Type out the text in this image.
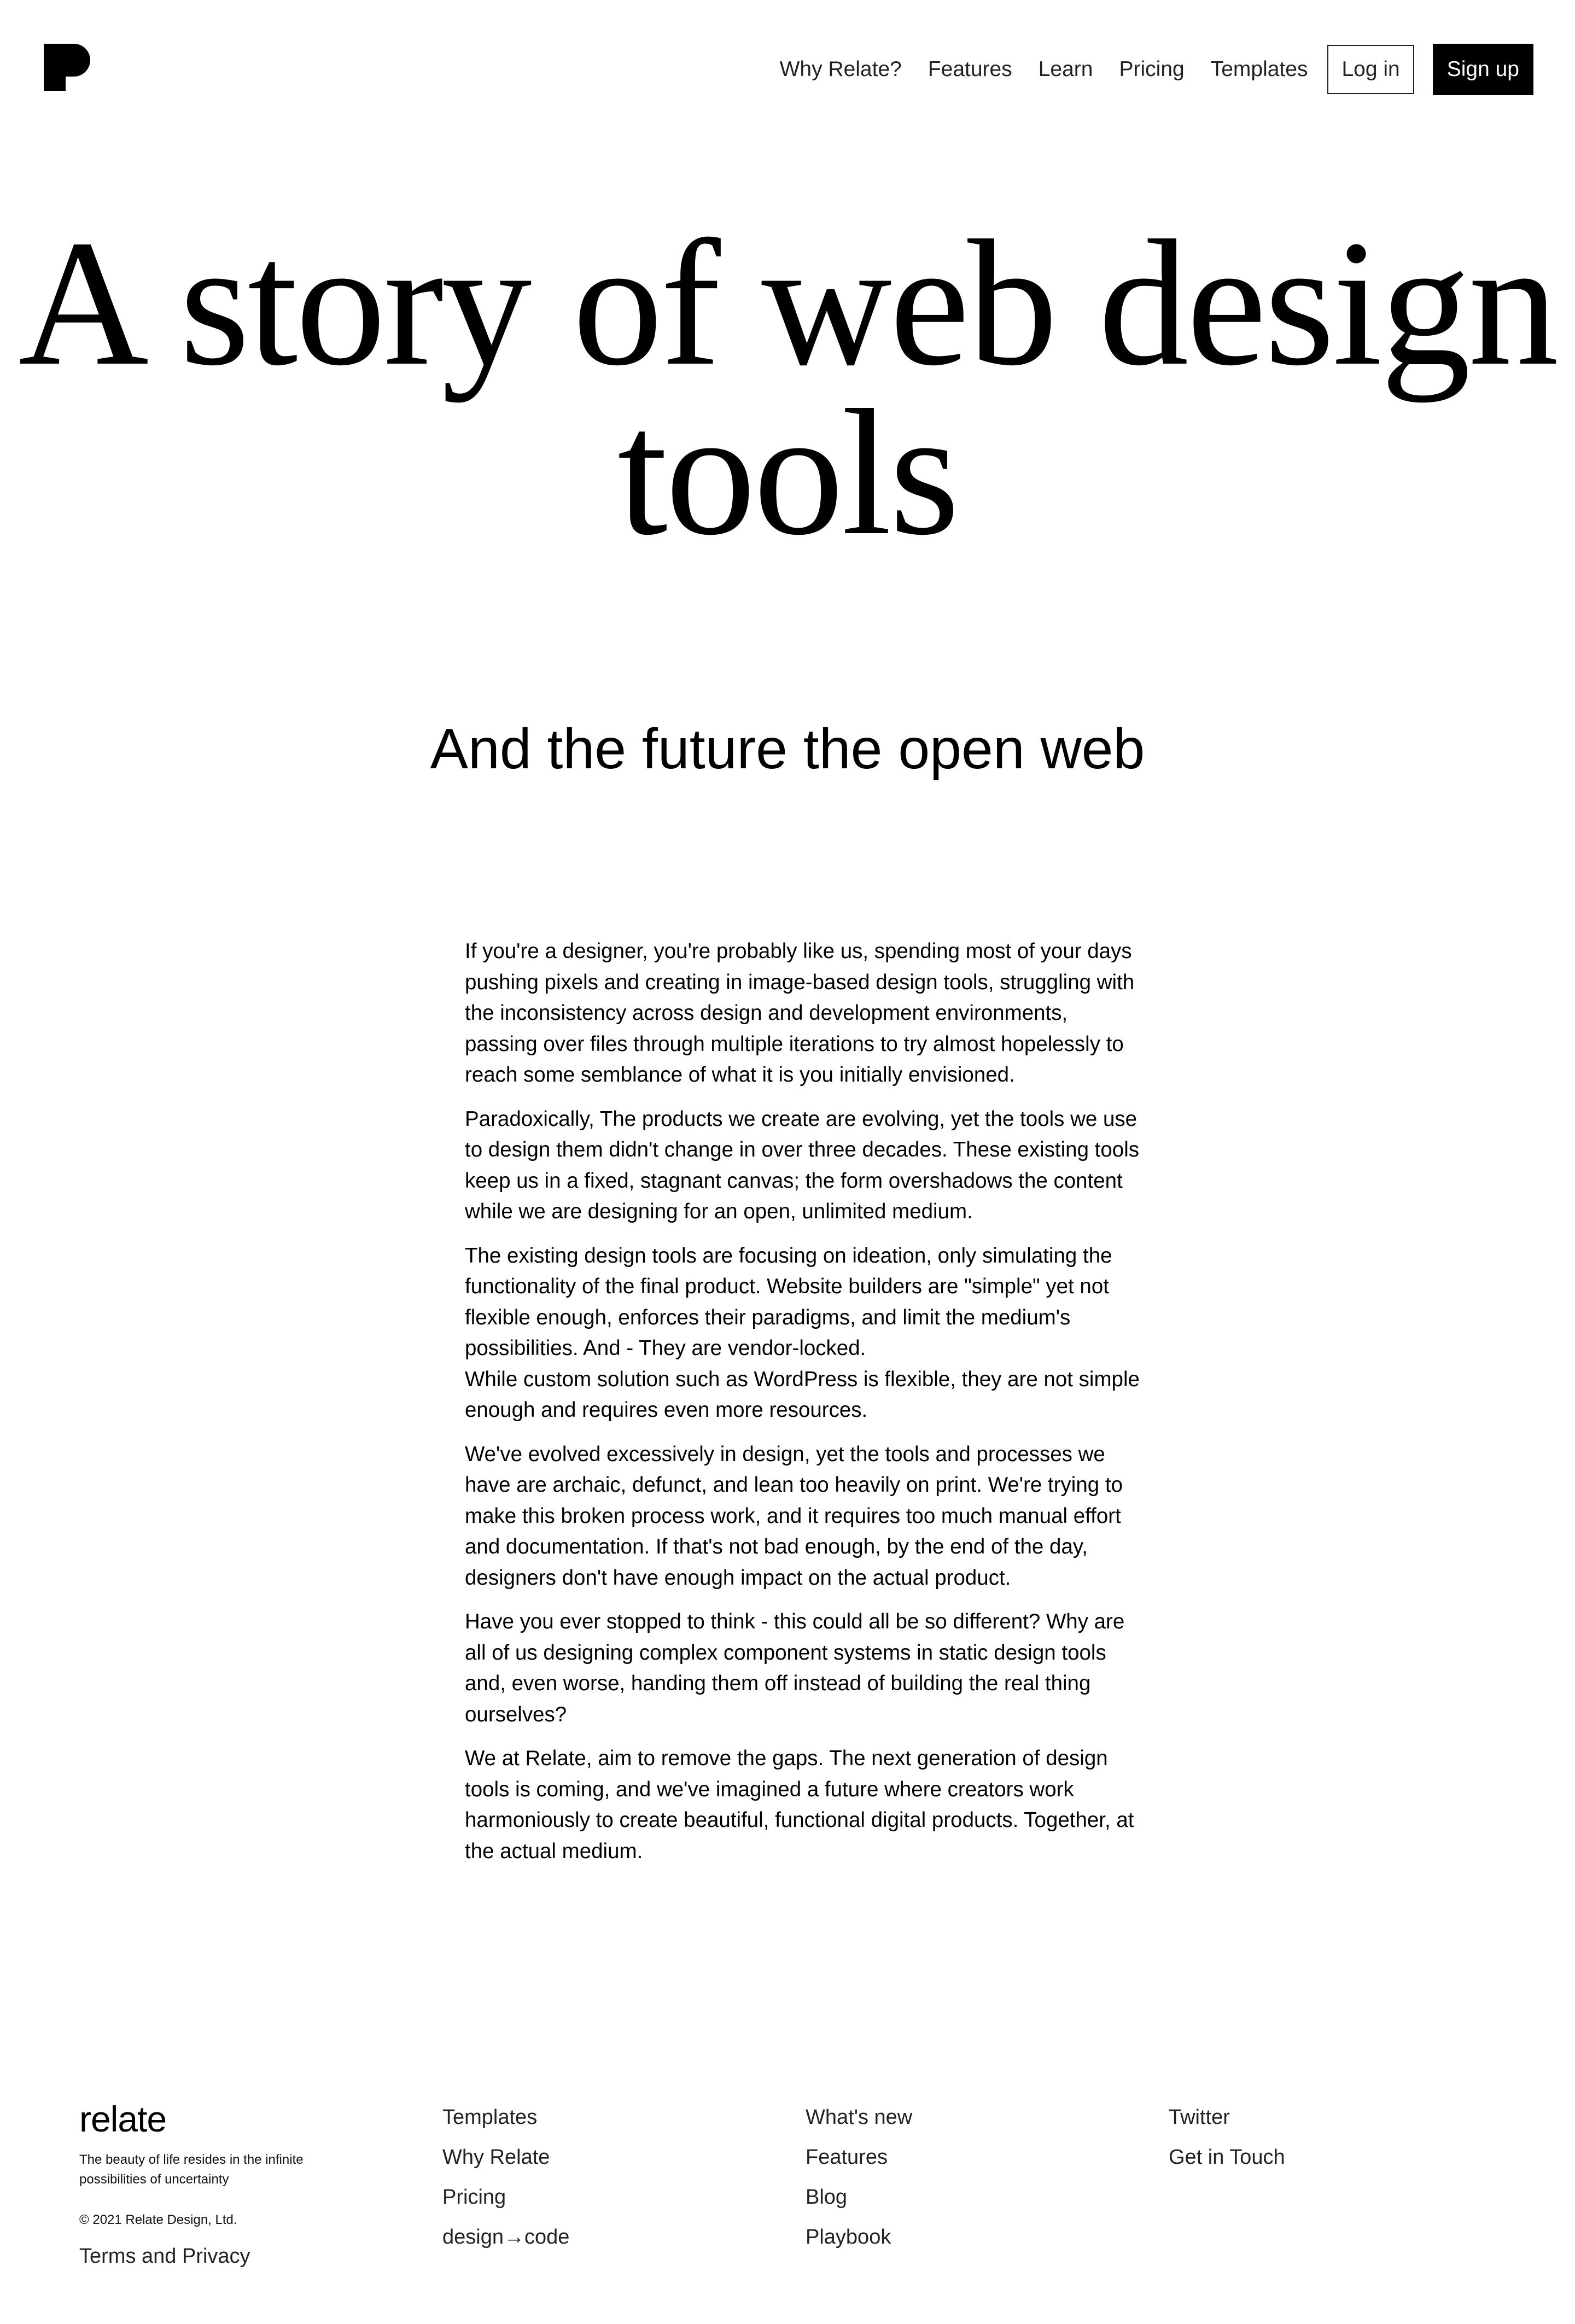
Why Relate? Features Learn Pricing Templates	Log in	Sign up
A story of web design tools
And the future the open web

If you're a designer, you're probably like us, spending most of your days pushing pixels and creating in image-based design tools, struggling with the inconsistency across design and development environments, passing over files through multiple iterations to try almost hopelessly to reach some semblance of what it is you initially envisioned.

Paradoxically, The products we create are evolving, yet the tools we use to design them didn't change in over three decades. These existing tools keep us in a fixed, stagnant canvas; the form overshadows the content while we are designing for an open, unlimited medium.

The existing design tools are focusing on ideation, only simulating the functionality of the final product. Website builders are "simple" yet not flexible enough, enforces their paradigms, and limit the medium's possibilities. And - They are vendor-locked.
While custom solution such as WordPress is flexible, they are not simple enough and requires even more resources.

We've evolved excessively in design, yet the tools and processes we have are archaic, defunct, and lean too heavily on print. We're trying to make this broken process work, and it requires too much manual effort and documentation. If that's not bad enough, by the end of the day, designers don't have enough impact on the actual product.

Have you ever stopped to think - this could all be so different? Why are all of us designing complex component systems in static design tools and, even worse, handing them off instead of building the real thing ourselves?

We at Relate, aim to remove the gaps. The next generation of design tools is coming, and we've imagined a future where creators work harmoniously to create beautiful, functional digital products. Together, at the actual medium.

relate

The beauty of life resides in the infinite possibilities of uncertainty

© 2021 Relate Design, Ltd.

Terms and Privacy

Templates
Why Relate
Pricing
design→code
What's new
Features
Blog
Playbook
Twitter
Get in Touch
